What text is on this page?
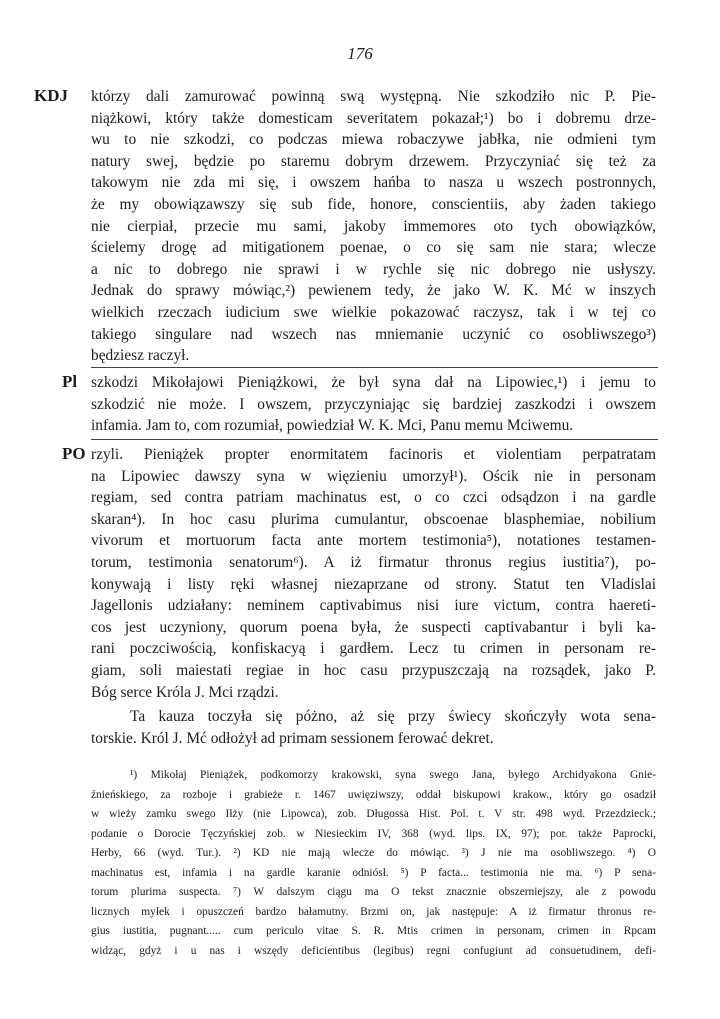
176
KDJ którzy dali zamurować powinną swą występną. Nie szkodziło nic P. Pie-
niążkowi, który także domesticam severitatem pokazał;¹) bo i dobremu drze-
wu to nie szkodzi, co podczas miewa robaczywe jabłka, nie odmieni tym
natury swej, będzie po staremu dobrym drzewem. Przyczyniać się też za
takowym nie zda mi się, i owszem hańba to nasza u wszech postronnych,
że my obowiązawszy się sub fide, honore, conscientiis, aby żaden takiego
nie cierpiał, przecie mu sami, jakoby immemores oto tych obowiązków,
ścielemy drogę ad mitigationem poenae, o co się sam nie stara; wlecze
a nic to dobrego nie sprawi i w rychle się nic dobrego nie usłyszy.
Jednak do sprawy mówiąc,²) pewienem tedy, że jako W. K. Mć w inszych
wielkich rzeczach iudicium swe wielkie pokazować raczysz, tak i w tej co
takiego singulare nad wszech nas mniemanie uczynić co osobliwszego³)
będziesz raczył.
Pl szkodzi Mikołajowi Pieniążkowi, że był syna dał na Lipowiec,¹) i jemu to
szkodzić nie może. I owszem, przyczyniając się bardziej zaszkodzi i owszem
infamia. Jam to, com rozumiał, powiedział W. K. Mci, Panu memu Mciwemu.
PO rzyli. Pieniążek propter enormitatem facinoris et violentiam perpatratam
na Lipowiec dawszy syna w więzieniu umorzył¹). Ościk nie in personam
regiam, sed contra patriam machinatus est, o co czci odsądzon i na gardle
skaran⁴). In hoc casu plurima cumulantur, obscoenae blasphemiae, nobilium
vivorum et mortuorum facta ante mortem testimonia⁵), notationes testamen-
torum, testimonia senatorum⁶). A iż firmatur thronus regius iustitia⁷), po-
konywają i listy ręki własnej niezaprzane od strony. Statut ten Vladislai
Jagellonis udziałany: neminem captivabimus nisi iure victum, contra haereti-
cos jest uczyniony, quorum poena była, że suspecti captivabantur i byli ka-
rani poczciwością, konfiskacyą i gardłem. Lecz tu crimen in personam re-
giam, soli maiestati regiae in hoc casu przypuszczają na rozsądek, jako P.
Bóg serce Króla J. Mci rządzi.
Ta kauza toczyła się póżno, aż się przy świecy skończyły wota sena-
torskie. Król J. Mć odłożył ad primam sessionem ferować dekret.
¹) Mikołaj Pieniążek, podkomorzy krakowski, syna swego Jana, byłego Archidyakona Gnie-
źnieńskiego, za rozboje i grabieże r. 1467 uwięziwszy, oddał biskupowi krakow., który go osadził
w wieży zamku swego Iłży (nie Lipowca), zob. Długossa Hist. Pol. t. V str. 498 wyd. Przezdzieck.;
podanie o Dorocie Tęczyńskiej zob. w Niesieckim IV, 368 (wyd. lips. IX, 97); por. także Paprocki,
Herby, 66 (wyd. Tur.). ²) KD nie mają wlecze do mówiąc. ³) J nie ma osobliwszego. ⁴) O
machinatus est, infamia i na gardle karanie odniósł. ⁵) P facta... testimonia nie ma. ⁶) P sena-
torum plurima suspecta. ⁷) W dalszym ciągu ma O tekst znacznie obszerniejszy, ale z powodu
licznych myłek i opuszczeń bardzo bałamutny. Brzmi on, jak następuje: A iż firmatur thronus re-
gius iustitia, pugnant..... cum periculo vitae S. R. Mtis crimen in personam, crimen in Rpcam
widząc, gdyż i u nas i wszędy deficientibus (legibus) regni confugiunt ad consuetudinem, defi-
